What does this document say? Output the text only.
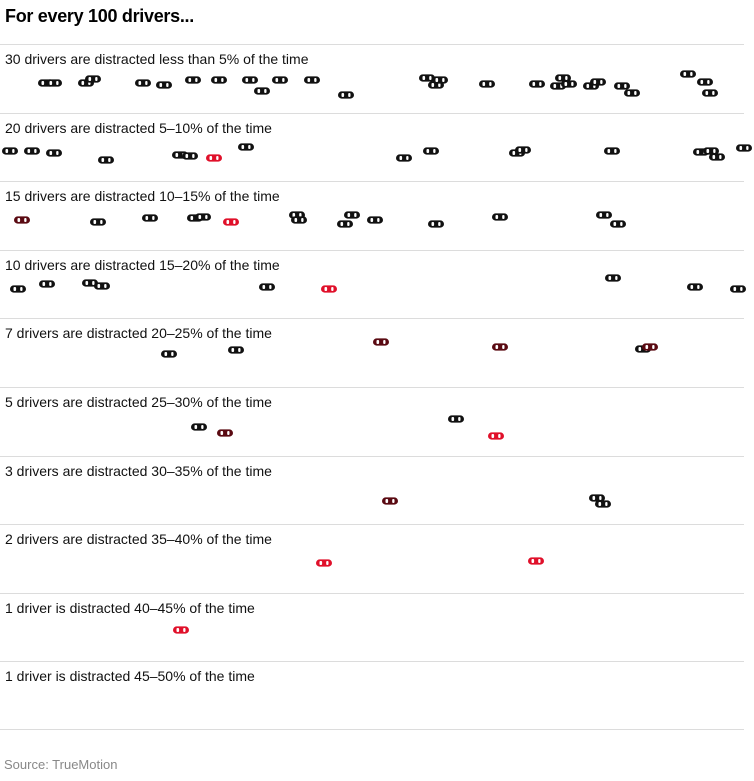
For every 100 drivers...
30 drivers are distracted less than 5% of the time
20 drivers are distracted 5–10% of the time
15 drivers are distracted 10–15% of the time
10 drivers are distracted 15–20% of the time
7 drivers are distracted 20–25% of the time
5 drivers are distracted 25–30% of the time
3 drivers are distracted 30–35% of the time
2 drivers are distracted 35–40% of the time
1 driver is distracted 40–45% of the time
1 driver is distracted 45–50% of the time
Source: TrueMotion
